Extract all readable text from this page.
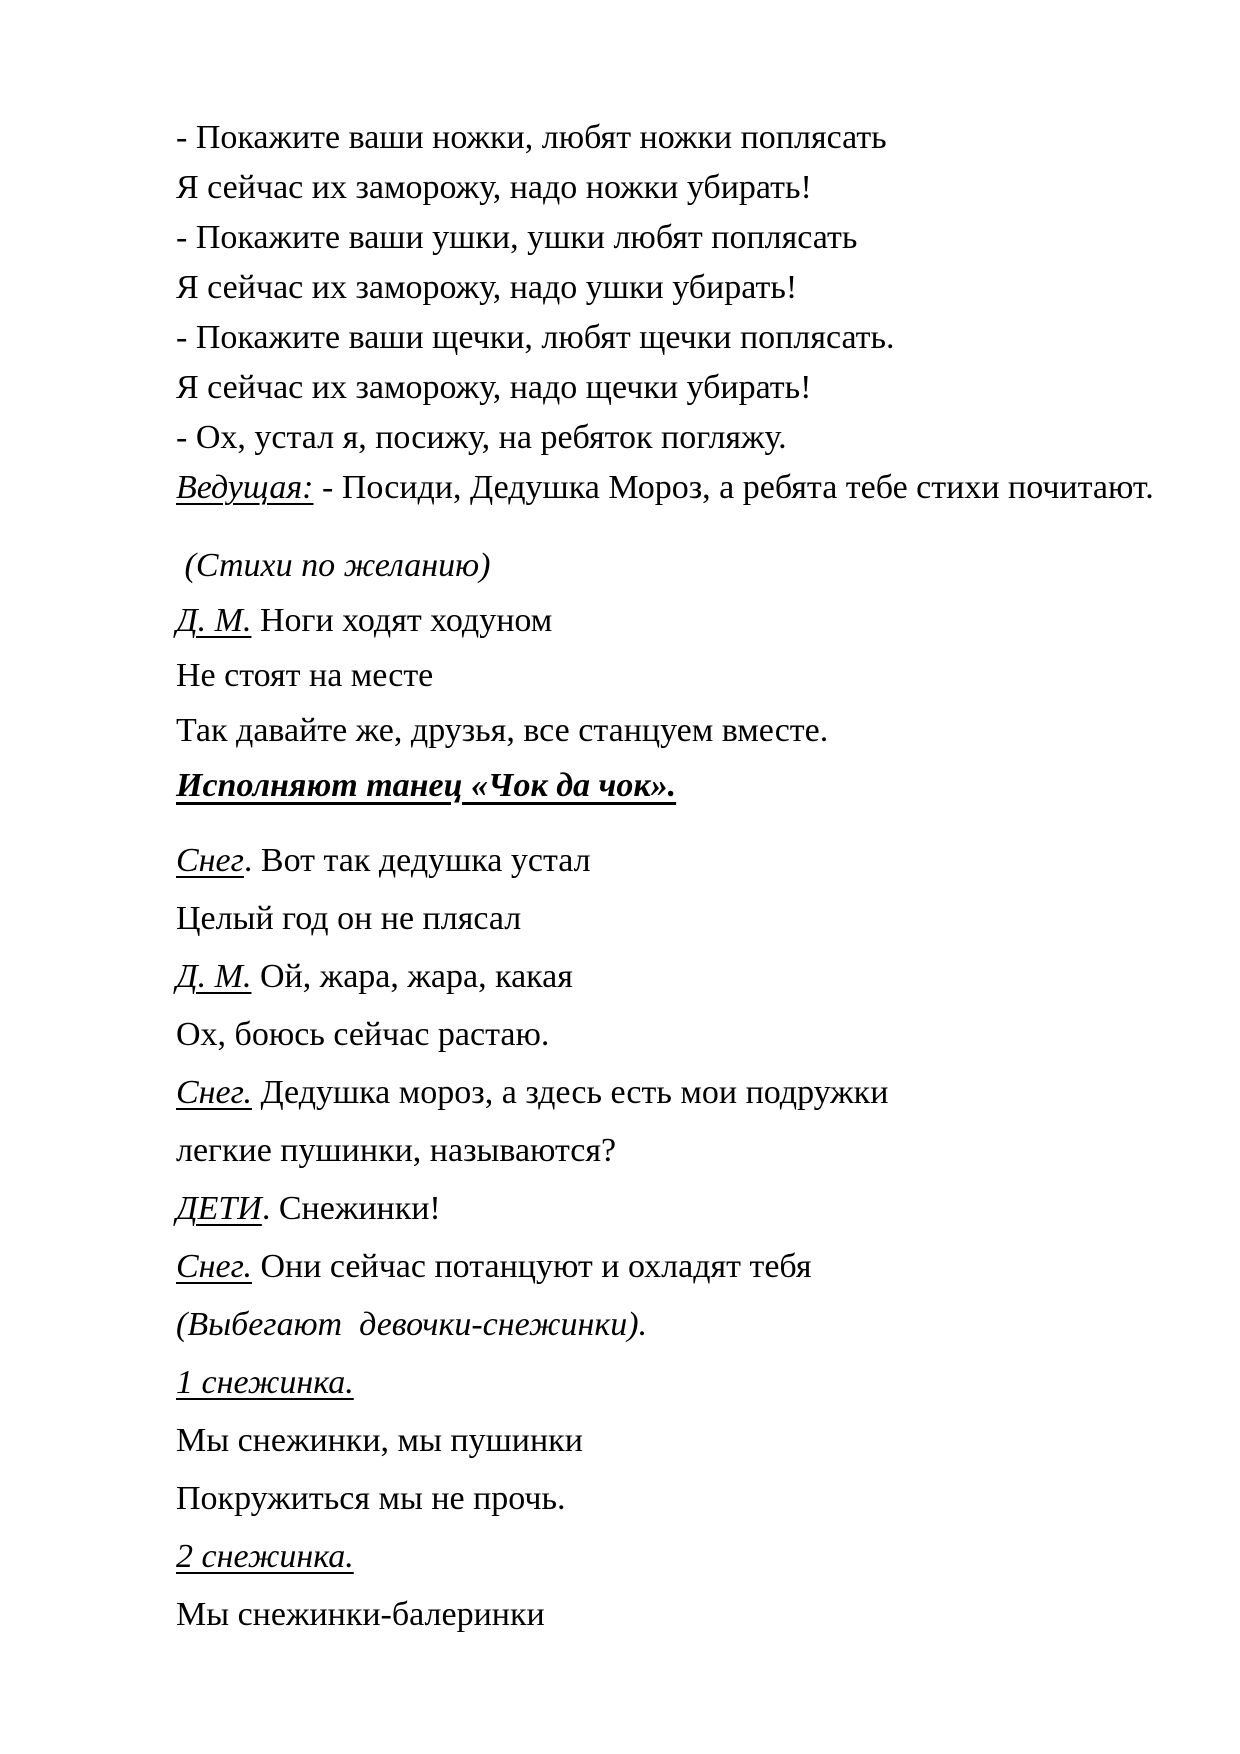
- Покажите ваши ножки, любят ножки поплясать

Я сейчас их заморожу, надо ножки убирать!

- Покажите ваши ушки, ушки любят поплясать

Я сейчас их заморожу, надо ушки убирать!

- Покажите ваши щечки, любят щечки поплясать.

Я сейчас их заморожу, надо щечки убирать!

- Ох, устал я, посижу, на ребяток погляжу.

Ведущая: - Посиди, Дедушка Мороз, а ребята тебе стихи почитают.

(Стихи по желанию)

Д. М. Ноги ходят ходуном

Не стоят на месте

Так давайте же, друзья, все станцуем вместе.

Исполняют танец «Чок да чок».

Снег. Вот так дедушка устал

Целый год он не плясал

Д. М. Ой, жара, жара, какая

Ох, боюсь сейчас растаю.

Снег. Дедушка мороз, а здесь есть мои подружки

легкие пушинки, называются?

ДЕТИ. Снежинки!

Снег. Они сейчас потанцуют и охладят тебя

(Выбегают  девочки-снежинки).

1 снежинка.

Мы снежинки, мы пушинки

Покружиться мы не прочь.

2 снежинка.

Мы снежинки-балеринки
